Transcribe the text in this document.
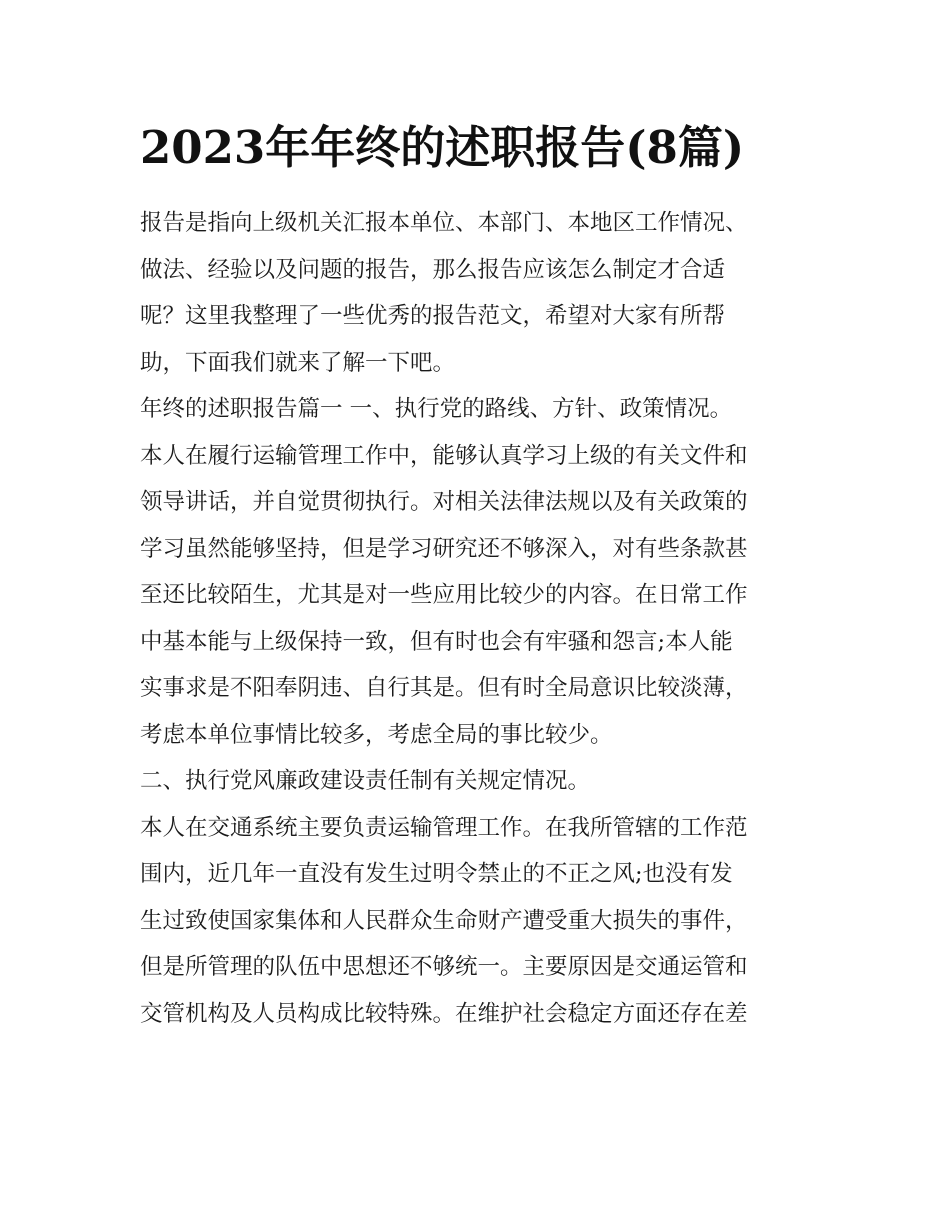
2023年年终的述职报告(8篇)
报告是指向上级机关汇报本单位、本部门、本地区工作情况、
做法、经验以及问题的报告，那么报告应该怎么制定才合适
呢？这里我整理了一些优秀的报告范文，希望对大家有所帮
助，下面我们就来了解一下吧。
年终的述职报告篇一 一、执行党的路线、方针、政策情况。
本人在履行运输管理工作中，能够认真学习上级的有关文件和
领导讲话，并自觉贯彻执行。对相关法律法规以及有关政策的
学习虽然能够坚持，但是学习研究还不够深入，对有些条款甚
至还比较陌生，尤其是对一些应用比较少的内容。在日常工作
中基本能与上级保持一致，但有时也会有牢骚和怨言;本人能
实事求是不阳奉阴违、自行其是。但有时全局意识比较淡薄，
考虑本单位事情比较多，考虑全局的事比较少。
二、执行党风廉政建设责任制有关规定情况。
本人在交通系统主要负责运输管理工作。在我所管辖的工作范
围内，近几年一直没有发生过明令禁止的不正之风;也没有发
生过致使国家集体和人民群众生命财产遭受重大损失的事件，
但是所管理的队伍中思想还不够统一。主要原因是交通运管和
交管机构及人员构成比较特殊。在维护社会稳定方面还存在差
